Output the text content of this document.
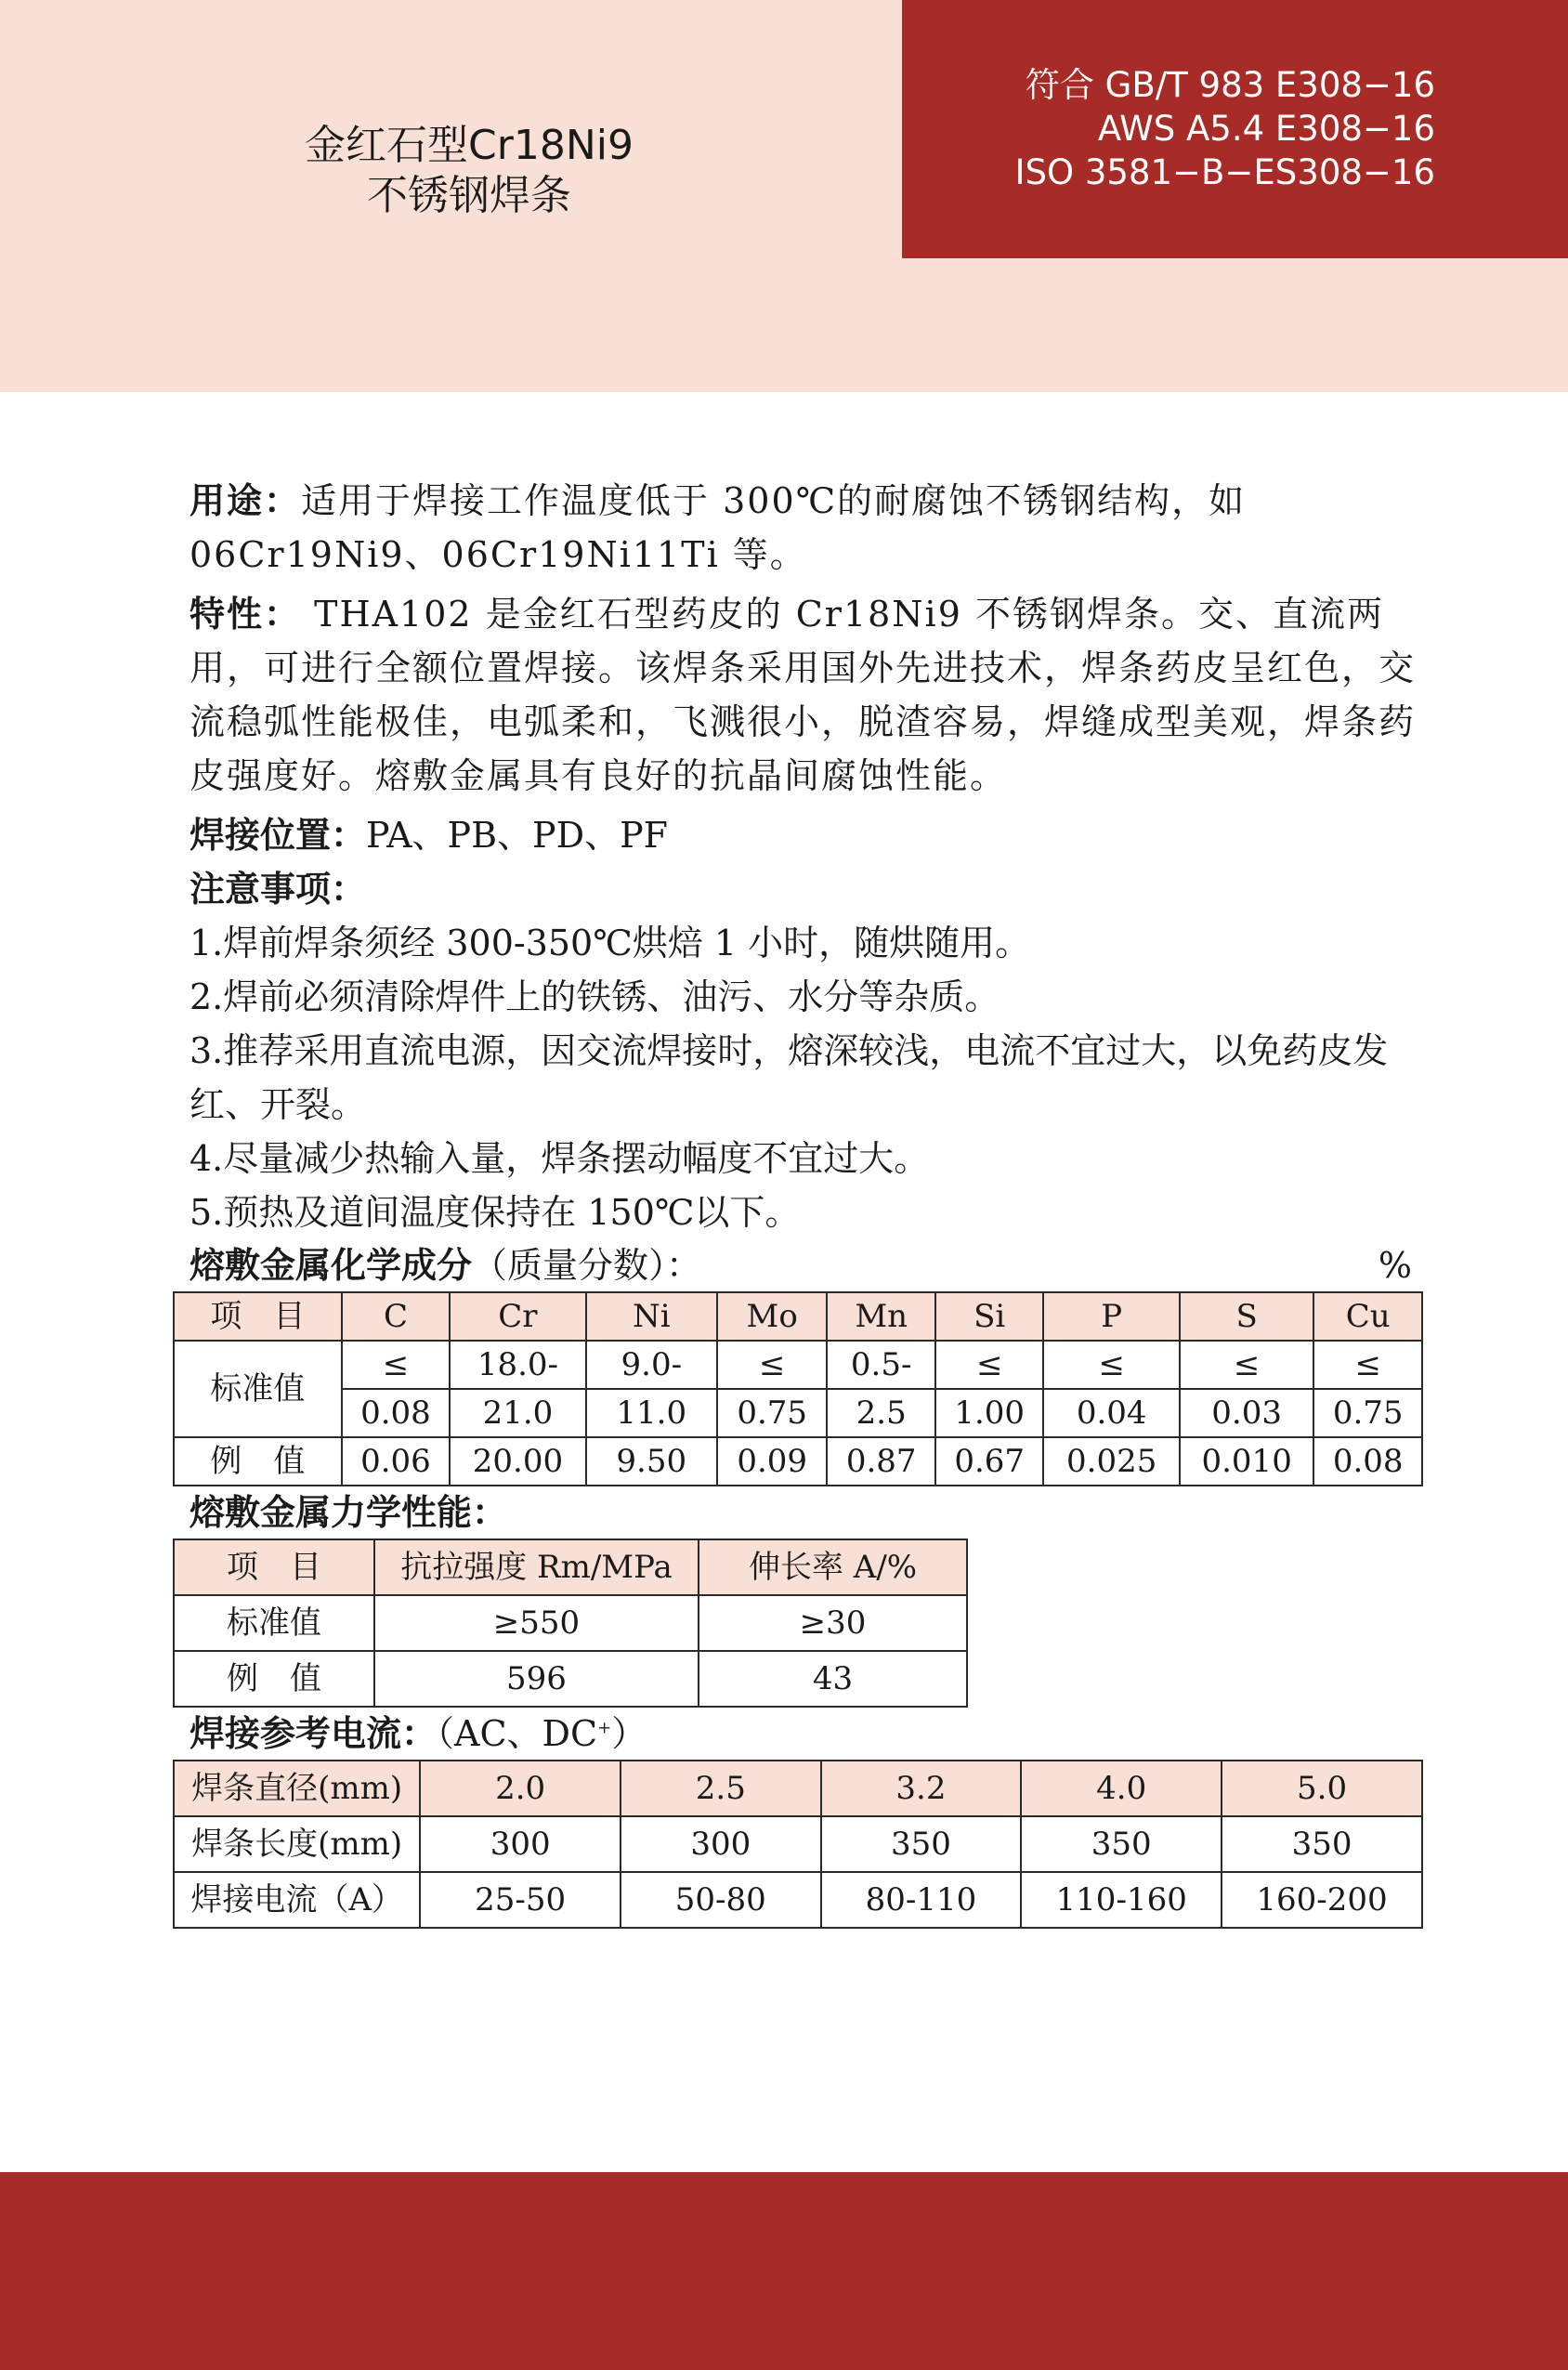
金红石型Cr18Ni9
不锈钢焊条
符合 GB/T 983 E308−16
AWS A5.4 E308−16
ISO 3581−B−ES308−16

用途：适用于焊接工作温度低于 300℃的耐腐蚀不锈钢结构，如06Cr19Ni9、06Cr19Ni11Ti 等。

特性： THA102 是金红石型药皮的 Cr18Ni9 不锈钢焊条。交、直流两用，可进行全额位置焊接。该焊条采用国外先进技术，焊条药皮呈红色，交流稳弧性能极佳，电弧柔和，飞溅很小，脱渣容易，焊缝成型美观，焊条药皮强度好。熔敷金属具有良好的抗晶间腐蚀性能。

焊接位置：PA、PB、PD、PF

注意事项：

1.焊前焊条须经 300-350℃烘焙 1 小时，随烘随用。

2.焊前必须清除焊件上的铁锈、油污、水分等杂质。

3.推荐采用直流电源，因交流焊接时，熔深较浅，电流不宜过大，以免药皮发红、开裂。

4.尽量减少热输入量，焊条摆动幅度不宜过大。

5.预热及道间温度保持在 150℃以下。

熔敷金属化学成分（质量分数）：	%
项　目	C	Cr	Ni	Mo	Mn	Si	P	S	Cu
标准值	≤	18.0-	9.0-	≤	0.5-	≤	≤	≤	≤

	0.08	21.0	11.0	0.75	2.5	1.00	0.04	0.03	0.75
例　值	0.06	20.00	9.50	0.09	0.87	0.67	0.025	0.010	0.08
熔敷金属力学性能：
项　目	抗拉强度 Rm/MPa	伸长率 A/%
标准值	≥550	≥30
例　值	596	43
焊接参考电流：（AC、DC+）
焊条直径(mm)	2.0	2.5	3.2	4.0	5.0
焊条长度(mm)	300	300	350	350	350
焊接电流（A）	25-50	50-80	80-110	110-160	160-200
